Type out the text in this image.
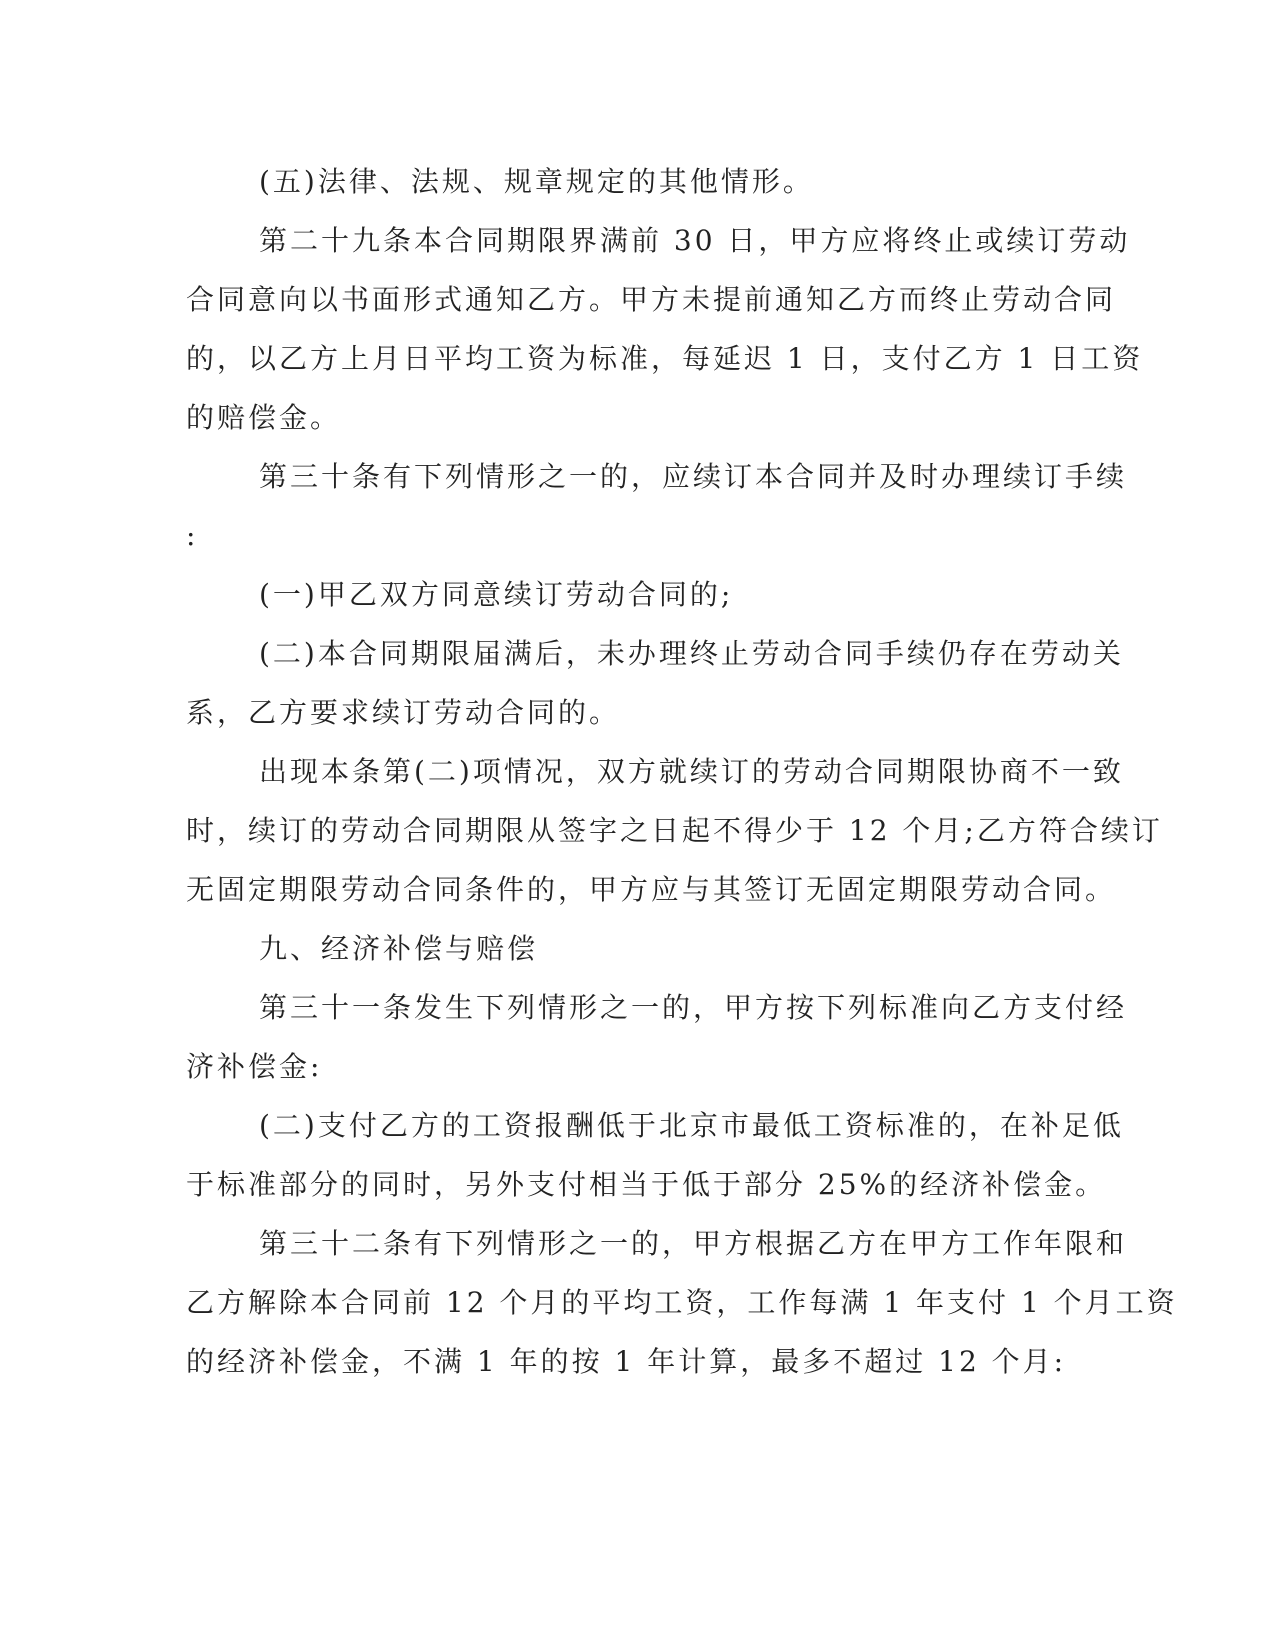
(五)法律、法规、规章规定的其他情形。
第二十九条本合同期限界满前 30 日，甲方应将终止或续订劳动
合同意向以书面形式通知乙方。甲方未提前通知乙方而终止劳动合同
的，以乙方上月日平均工资为标准，每延迟 1 日，支付乙方 1 日工资
的赔偿金。
第三十条有下列情形之一的，应续订本合同并及时办理续订手续
:
(一)甲乙双方同意续订劳动合同的;
(二)本合同期限届满后，未办理终止劳动合同手续仍存在劳动关
系，乙方要求续订劳动合同的。
出现本条第(二)项情况，双方就续订的劳动合同期限协商不一致
时，续订的劳动合同期限从签字之日起不得少于 12 个月;乙方符合续订
无固定期限劳动合同条件的，甲方应与其签订无固定期限劳动合同。
九、经济补偿与赔偿
第三十一条发生下列情形之一的，甲方按下列标准向乙方支付经
济补偿金:
(二)支付乙方的工资报酬低于北京市最低工资标准的，在补足低
于标准部分的同时，另外支付相当于低于部分 25%的经济补偿金。
第三十二条有下列情形之一的，甲方根据乙方在甲方工作年限和
乙方解除本合同前 12 个月的平均工资，工作每满 1 年支付 1 个月工资
的经济补偿金，不满 1 年的按 1 年计算，最多不超过 12 个月:
